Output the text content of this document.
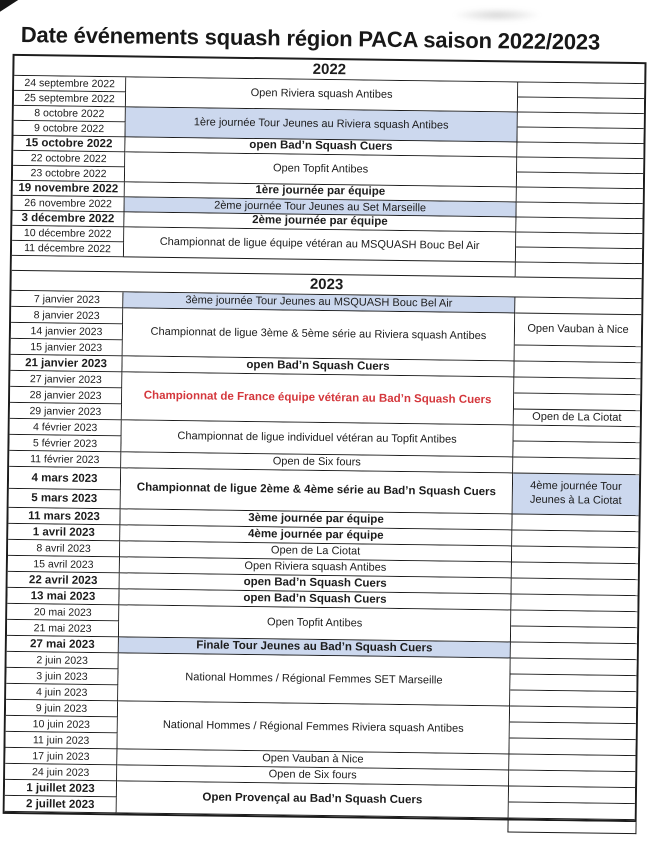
Date événements squash région PACA saison 2022/2023
2022
24 septembre 2022
25 septembre 2022
8 octobre 2022
9 octobre 2022
15 octobre 2022
22 octobre 2022
23 octobre 2022
19 novembre 2022
26 novembre 2022
3 décembre 2022
10 décembre 2022
11 décembre 2022
Open Riviera squash Antibes
1ère journée Tour Jeunes au Riviera squash Antibes
open Bad’n Squash Cuers
Open Topfit Antibes
1ère journée par équipe
2ème journée Tour Jeunes au Set Marseille
2ème journée par équipe
Championnat de ligue équipe vétéran au MSQUASH Bouc Bel Air
2023
7 janvier 2023
8 janvier 2023
14 janvier 2023
15 janvier 2023
21 janvier 2023
27 janvier 2023
28 janvier 2023
29 janvier 2023
4 février 2023
5 février 2023
11 février 2023
4 mars 2023
5 mars 2023
11 mars 2023
1 avril 2023
8 avril 2023
15 avril 2023
22 avril 2023
13 mai 2023
20 mai 2023
21 mai 2023
27 mai 2023
2 juin 2023
3 juin 2023
4 juin 2023
9 juin 2023
10 juin 2023
11 juin 2023
17 juin 2023
24 juin 2023
1 juillet 2023
2 juillet 2023
3ème journée Tour Jeunes au MSQUASH Bouc Bel Air
Championnat de ligue 3ème & 5ème série au Riviera squash Antibes
open Bad’n Squash Cuers
Championnat de France équipe vétéran au Bad’n Squash Cuers
Championnat de ligue individuel vétéran au Topfit Antibes
Open de Six fours
Championnat de ligue 2ème & 4ème série au Bad’n Squash Cuers
3ème journée par équipe
4ème journée par équipe
Open de La Ciotat
Open Riviera squash Antibes
open Bad’n Squash Cuers
open Bad’n Squash Cuers
Open Topfit Antibes
Finale Tour Jeunes au Bad’n Squash Cuers
National Hommes / Régional Femmes SET Marseille
National Hommes / Régional Femmes Riviera squash Antibes
Open Vauban à Nice
Open de Six fours
Open Provençal au Bad’n Squash Cuers
Open Vauban à Nice
Open de La Ciotat
4ème journée Tour Jeunes à La Ciotat
